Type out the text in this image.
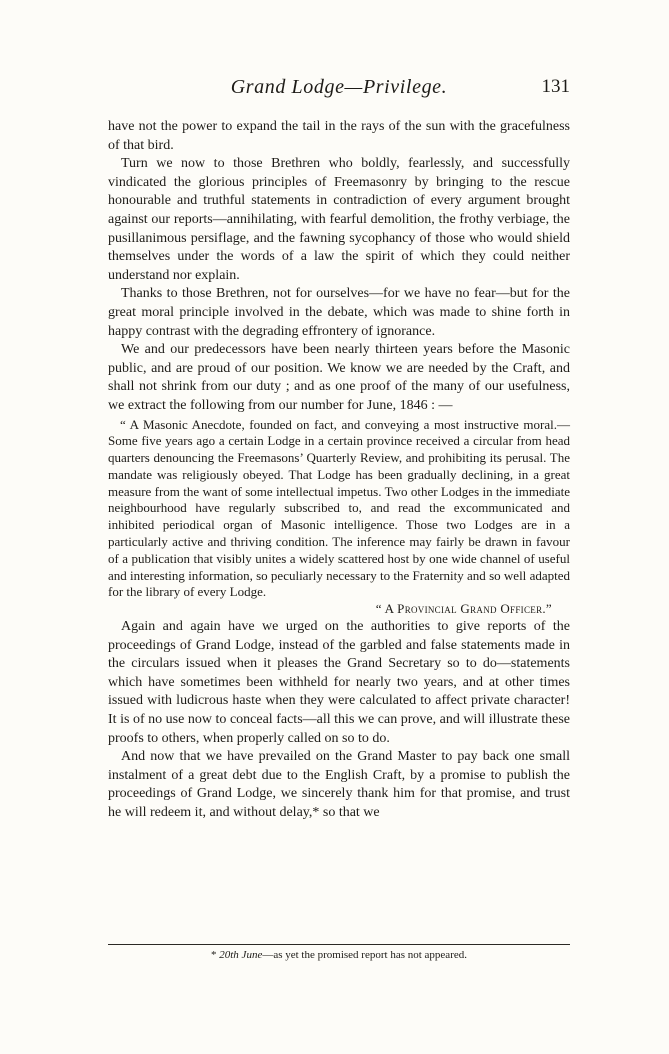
Grand Lodge—Privilege.	131

have not the power to expand the tail in the rays of the sun with the gracefulness of that bird.

Turn we now to those Brethren who boldly, fearlessly, and successfully vindicated the glorious principles of Freemasonry by bringing to the rescue honourable and truthful statements in contradiction of every argument brought against our reports—annihilating, with fearful demolition, the frothy verbiage, the pusillanimous persiflage, and the fawning sycophancy of those who would shield themselves under the words of a law the spirit of which they could neither understand nor explain.

Thanks to those Brethren, not for ourselves—for we have no fear—but for the great moral principle involved in the debate, which was made to shine forth in happy contrast with the degrading effrontery of ignorance.

We and our predecessors have been nearly thirteen years before the Masonic public, and are proud of our position. We know we are needed by the Craft, and shall not shrink from our duty ; and as one proof of the many of our usefulness, we extract the following from our number for June, 1846 : —

“ A Masonic Anecdote, founded on fact, and conveying a most instructive moral.—Some five years ago a certain Lodge in a certain province received a circular from head quarters denouncing the Freemasons’ Quarterly Review, and prohibiting its perusal. The mandate was religiously obeyed. That Lodge has been gradually declining, in a great measure from the want of some intellectual impetus. Two other Lodges in the immediate neighbourhood have regularly subscribed to, and read the excommunicated and inhibited periodical organ of Masonic intelligence. Those two Lodges are in a particularly active and thriving condition. The inference may fairly be drawn in favour of a publication that visibly unites a widely scattered host by one wide channel of useful and interesting information, so peculiarly necessary to the Fraternity and so well adapted for the library of every Lodge.

“ A Provincial Grand Officer.”

Again and again have we urged on the authorities to give reports of the proceedings of Grand Lodge, instead of the garbled and false statements made in the circulars issued when it pleases the Grand Secretary so to do—statements which have sometimes been withheld for nearly two years, and at other times issued with ludicrous haste when they were calculated to affect private character! It is of no use now to conceal facts—all this we can prove, and will illustrate these proofs to others, when properly called on so to do.

And now that we have prevailed on the Grand Master to pay back one small instalment of a great debt due to the English Craft, by a promise to publish the proceedings of Grand Lodge, we sincerely thank him for that promise, and trust he will redeem it, and without delay,* so that we

* 20th June—as yet the promised report has not appeared.
